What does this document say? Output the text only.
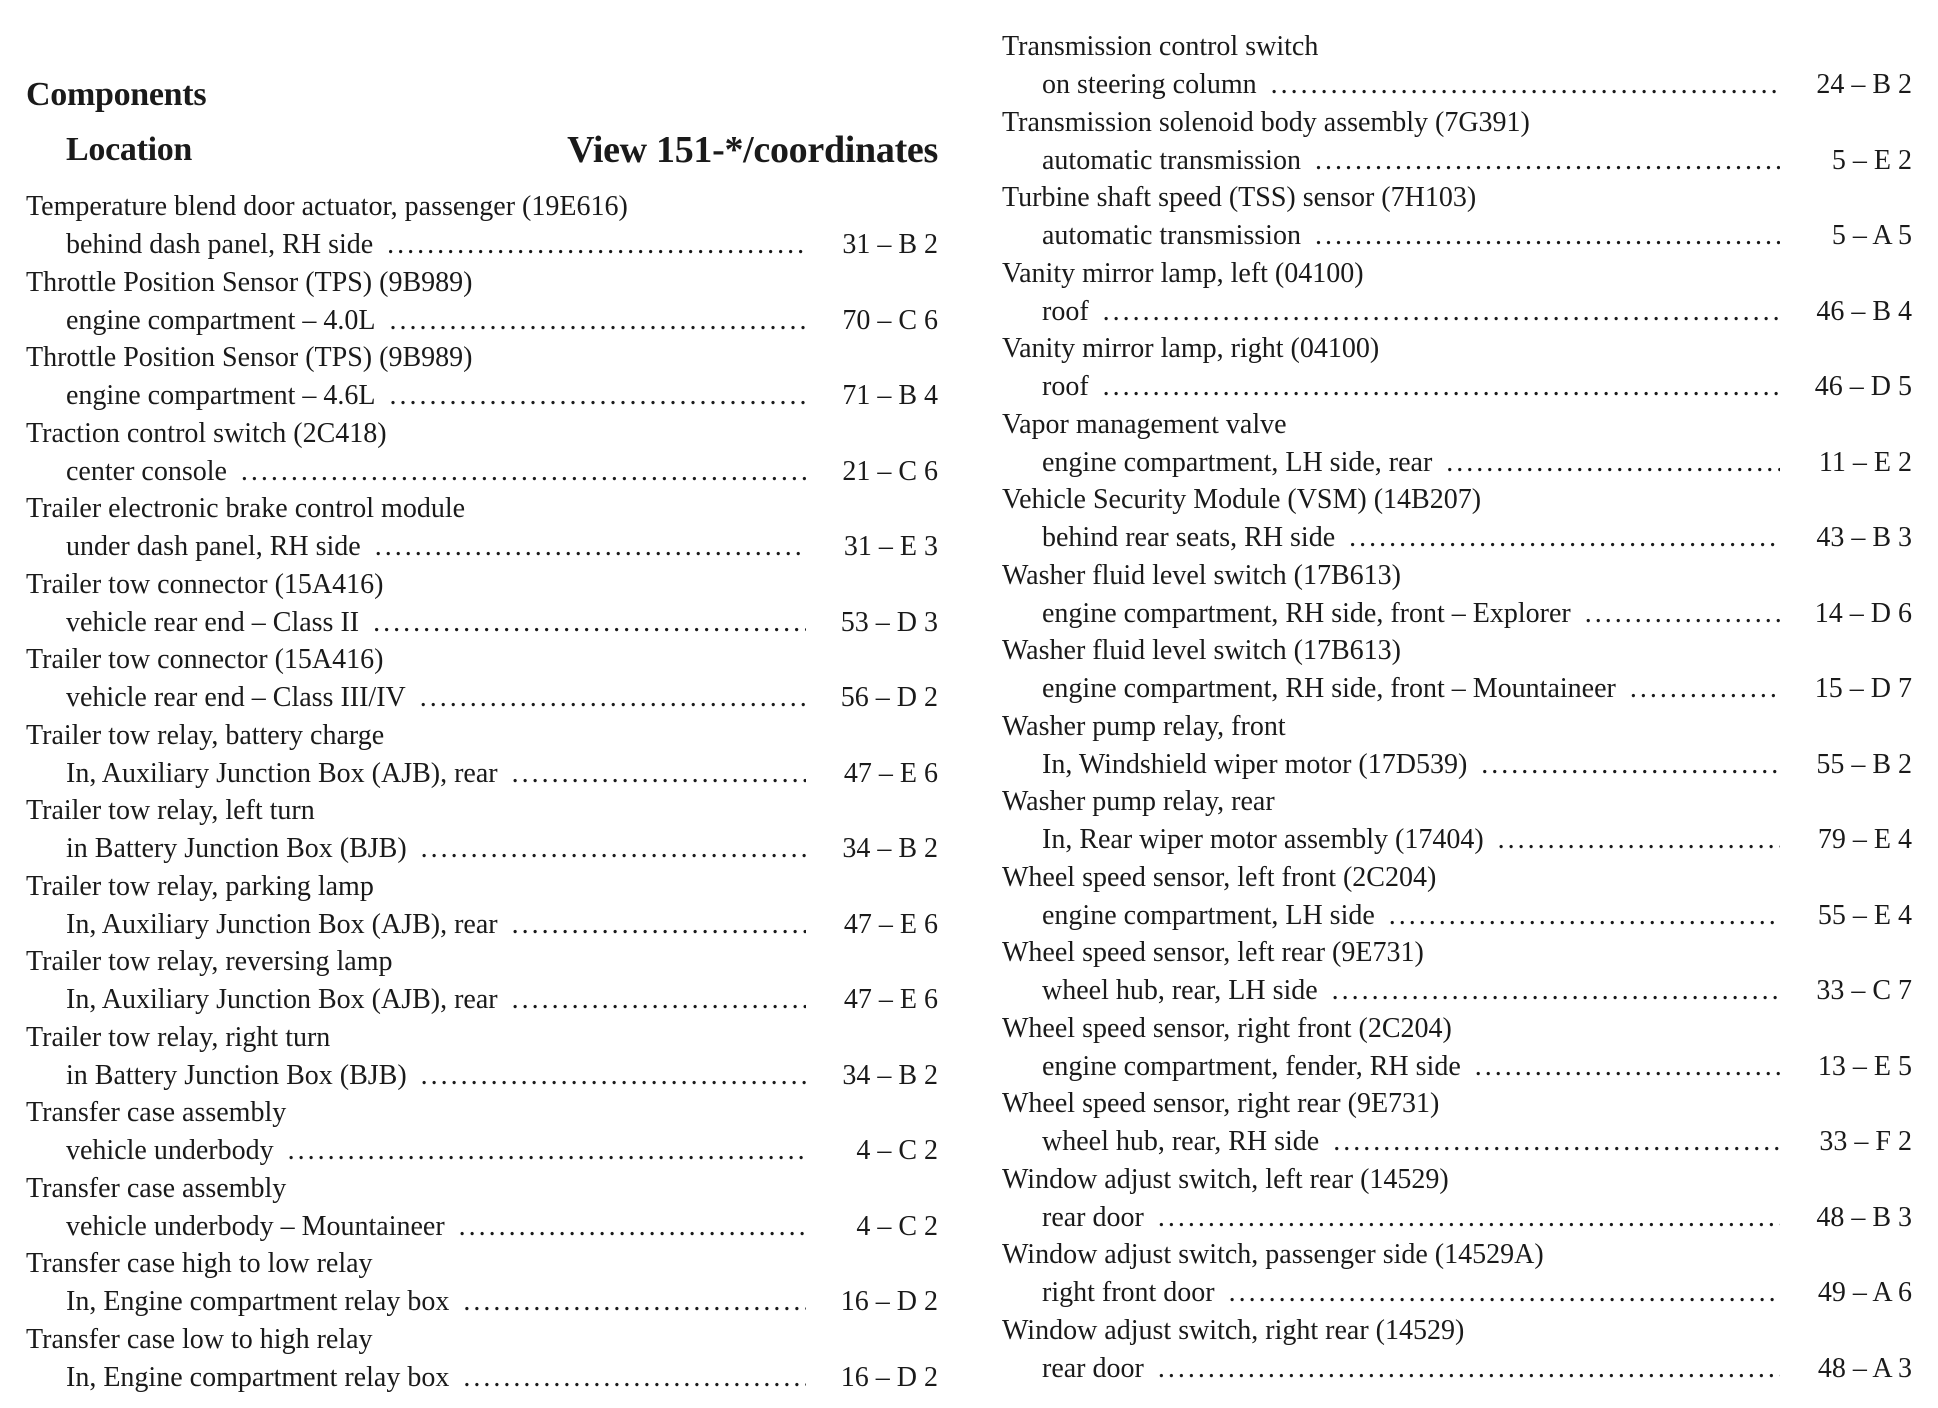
Components
Location	View 151-*/coordinates
Temperature blend door actuator, passenger (19E616)
behind dash panel, RH side . . .	31 – B 2
Throttle Position Sensor (TPS) (9B989)
engine compartment – 4.0L . . .	70 – C 6
Throttle Position Sensor (TPS) (9B989)
engine compartment – 4.6L . . .	71 – B 4
Traction control switch (2C418)
center console . . .	21 – C 6
Trailer electronic brake control module
under dash panel, RH side . . .	31 – E 3
Trailer tow connector (15A416)
vehicle rear end – Class II . . .	53 – D 3
Trailer tow connector (15A416)
vehicle rear end – Class III/IV . . .	56 – D 2
Trailer tow relay, battery charge
In, Auxiliary Junction Box (AJB), rear . . .	47 – E 6
Trailer tow relay, left turn
in Battery Junction Box (BJB) . . .	34 – B 2
Trailer tow relay, parking lamp
In, Auxiliary Junction Box (AJB), rear . . .	47 – E 6
Trailer tow relay, reversing lamp
In, Auxiliary Junction Box (AJB), rear . . .	47 – E 6
Trailer tow relay, right turn
in Battery Junction Box (BJB) . . .	34 – B 2
Transfer case assembly
vehicle underbody . . .	4 – C 2
Transfer case assembly
vehicle underbody – Mountaineer . . .	4 – C 2
Transfer case high to low relay
In, Engine compartment relay box . . .	16 – D 2
Transfer case low to high relay
In, Engine compartment relay box . . .	16 – D 2
Transmission control switch
on steering column . . .	24 – B 2
Transmission solenoid body assembly (7G391)
automatic transmission . . .	5 – E 2
Turbine shaft speed (TSS) sensor (7H103)
automatic transmission . . .	5 – A 5
Vanity mirror lamp, left (04100)
roof . . .	46 – B 4
Vanity mirror lamp, right (04100)
roof . . .	46 – D 5
Vapor management valve
engine compartment, LH side, rear . . .	11 – E 2
Vehicle Security Module (VSM) (14B207)
behind rear seats, RH side . . .	43 – B 3
Washer fluid level switch (17B613)
engine compartment, RH side, front – Explorer . . .	14 – D 6
Washer fluid level switch (17B613)
engine compartment, RH side, front – Mountaineer . . .	15 – D 7
Washer pump relay, front
In, Windshield wiper motor (17D539) . . .	55 – B 2
Washer pump relay, rear
In, Rear wiper motor assembly (17404) . . .	79 – E 4
Wheel speed sensor, left front (2C204)
engine compartment, LH side . . .	55 – E 4
Wheel speed sensor, left rear (9E731)
wheel hub, rear, LH side . . .	33 – C 7
Wheel speed sensor, right front (2C204)
engine compartment, fender, RH side . . .	13 – E 5
Wheel speed sensor, right rear (9E731)
wheel hub, rear, RH side . . .	33 – F 2
Window adjust switch, left rear (14529)
rear door . . .	48 – B 3
Window adjust switch, passenger side (14529A)
right front door . . .	49 – A 6
Window adjust switch, right rear (14529)
rear door . . .	48 – A 3
